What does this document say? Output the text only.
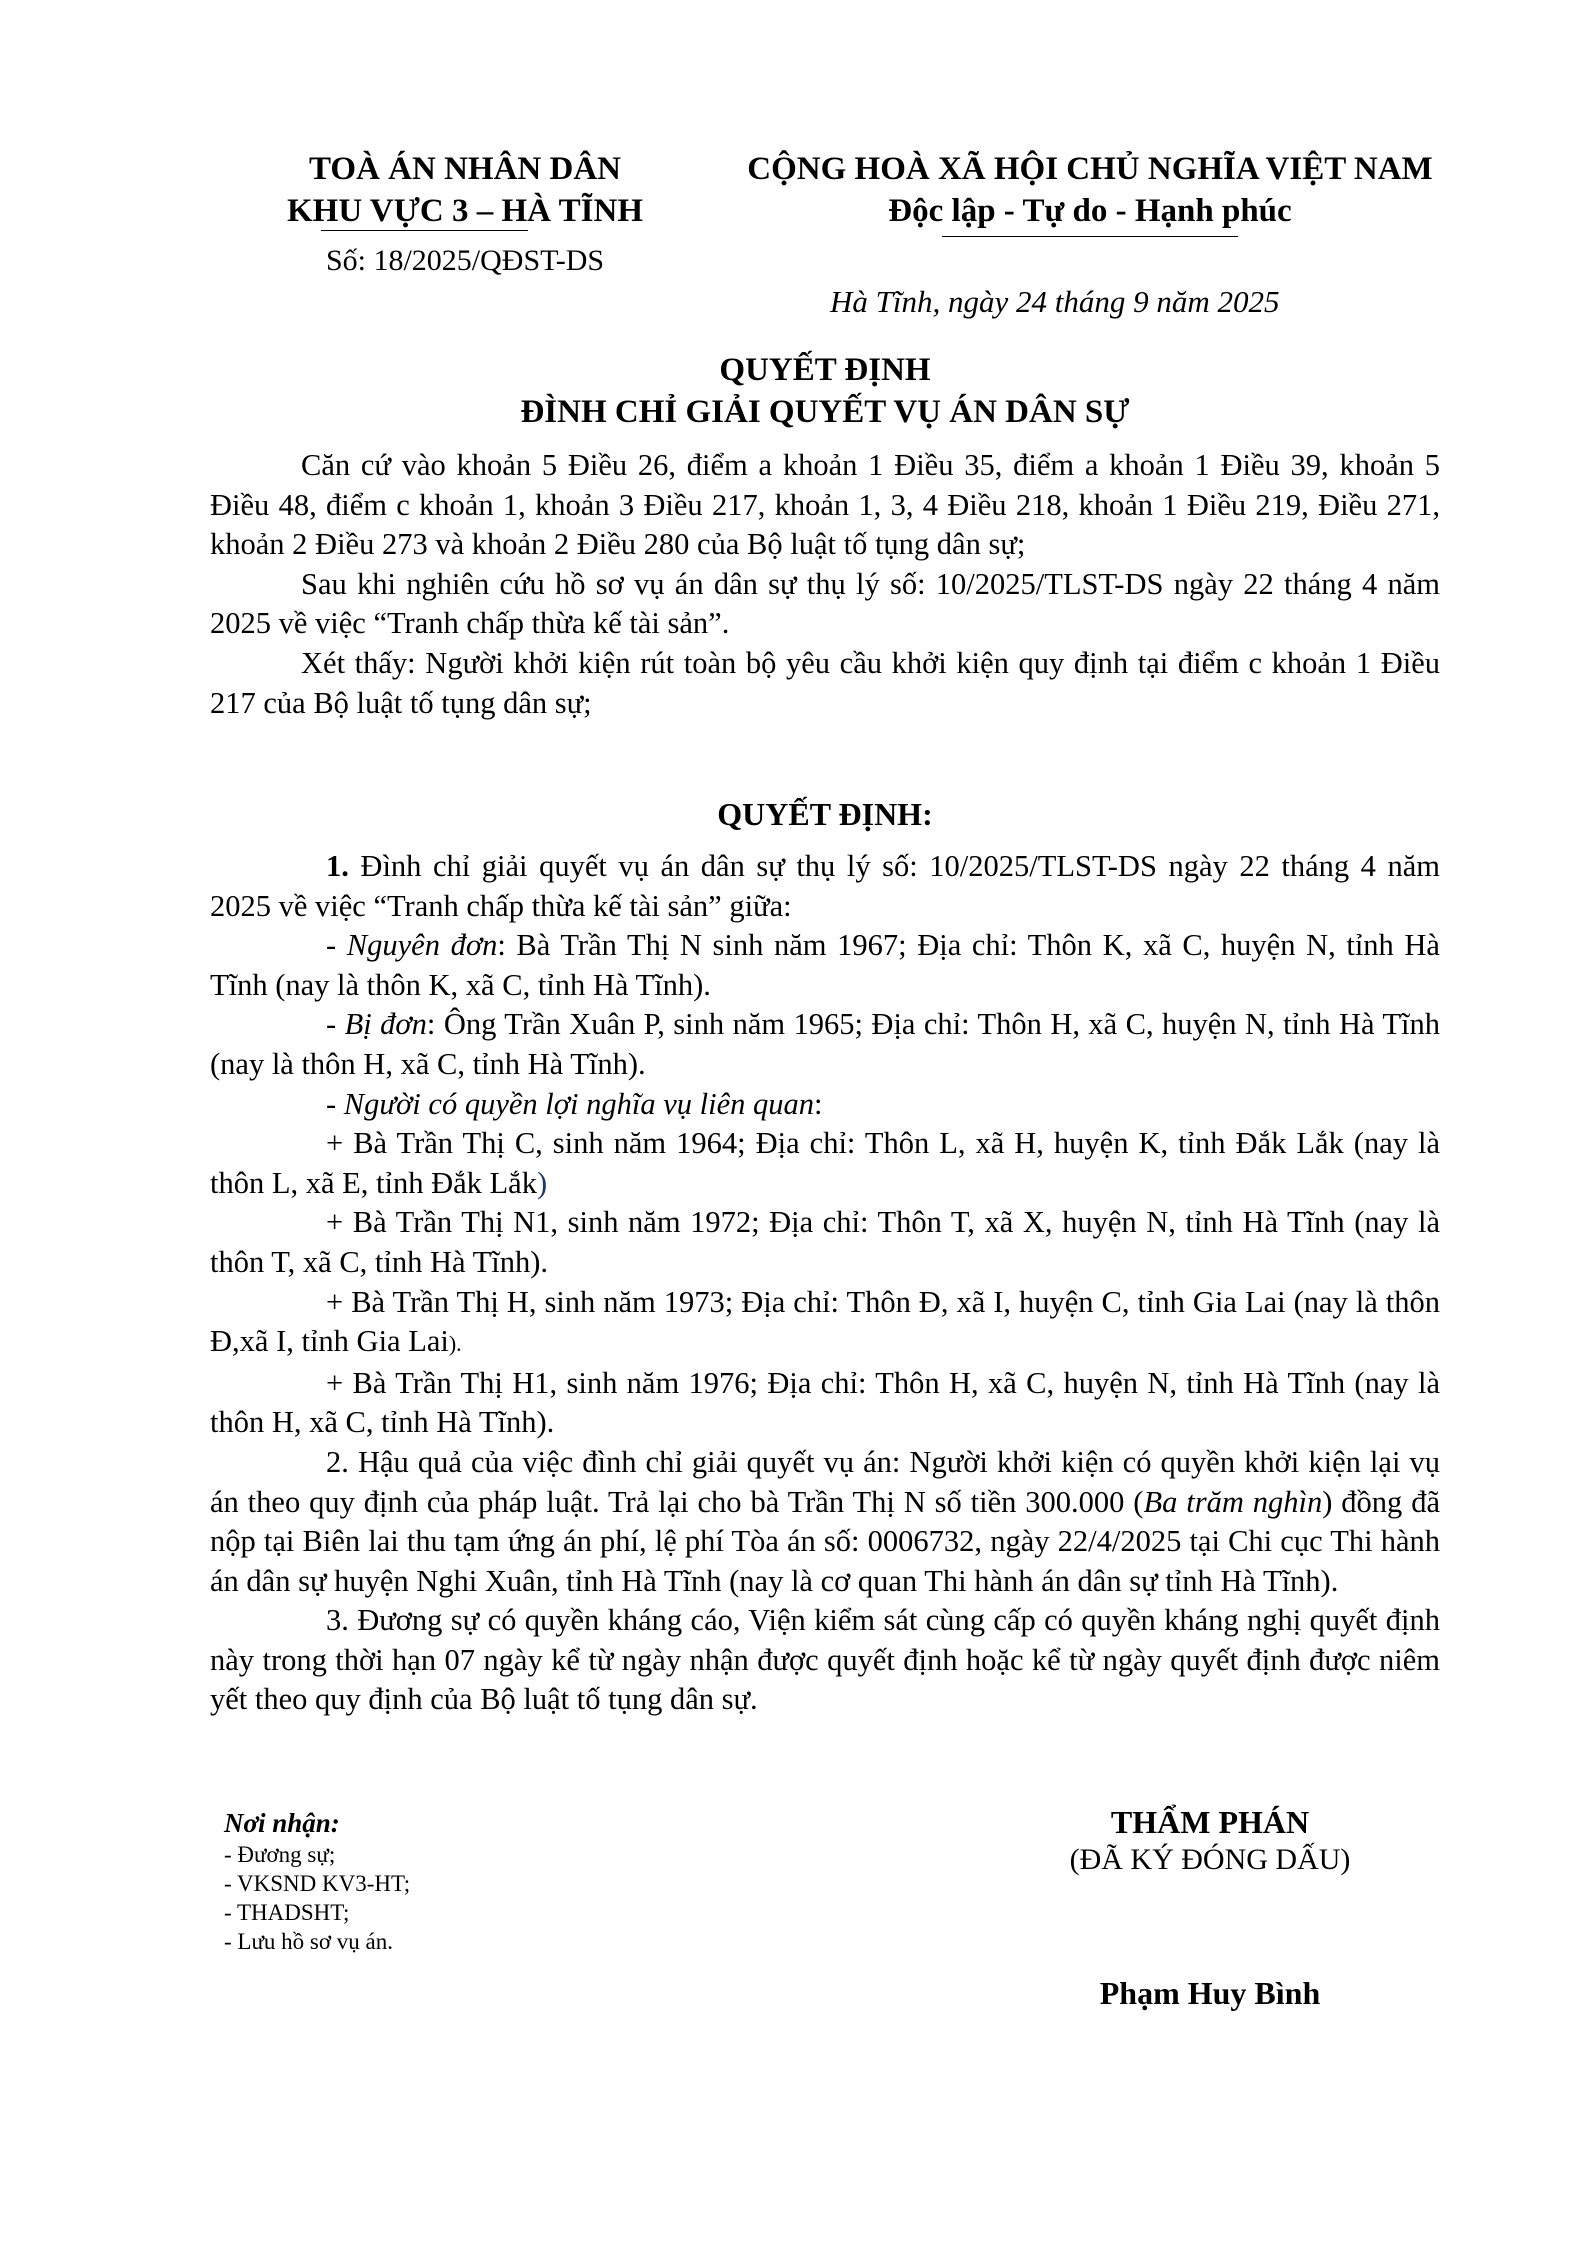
TOÀ ÁN NHÂN DÂN
KHU VỰC 3 – HÀ TĨNH
Số: 18/2025/QĐST-DS
CỘNG HOÀ XÃ HỘI CHỦ NGHĨA VIỆT NAM
Độc lập - Tự do - Hạnh phúc
Hà Tĩnh, ngày 24 tháng 9 năm 2025
QUYẾT ĐỊNH
ĐÌNH CHỈ GIẢI QUYẾT VỤ ÁN DÂN SỰ

Căn cứ vào khoản 5 Điều 26, điểm a khoản 1 Điều 35, điểm a khoản 1 Điều 39, khoản 5 Điều 48, điểm c khoản 1, khoản 3 Điều 217, khoản 1, 3, 4 Điều 218, khoản 1 Điều 219, Điều 271, khoản 2 Điều 273 và khoản 2 Điều 280 của Bộ luật tố tụng dân sự;

Sau khi nghiên cứu hồ sơ vụ án dân sự thụ lý số: 10/2025/TLST-DS ngày 22 tháng 4 năm 2025 về việc “Tranh chấp thừa kế tài sản”.

Xét thấy: Người khởi kiện rút toàn bộ yêu cầu khởi kiện quy định tại điểm c khoản 1 Điều 217 của Bộ luật tố tụng dân sự;

QUYẾT ĐỊNH:

1. Đình chỉ giải quyết vụ án dân sự thụ lý số: 10/2025/TLST-DS ngày 22 tháng 4 năm 2025 về việc “Tranh chấp thừa kế tài sản” giữa:

- Nguyên đơn: Bà Trần Thị N sinh năm 1967; Địa chỉ: Thôn K, xã C, huyện N, tỉnh Hà Tĩnh (nay là thôn K, xã C, tỉnh Hà Tĩnh).

- Bị đơn: Ông Trần Xuân P, sinh năm 1965; Địa chỉ: Thôn H, xã C, huyện N, tỉnh Hà Tĩnh (nay là thôn H, xã C, tỉnh Hà Tĩnh).

- Người có quyền lợi nghĩa vụ liên quan:

+ Bà Trần Thị C, sinh năm 1964; Địa chỉ: Thôn L, xã H, huyện K, tỉnh Đắk Lắk (nay là thôn L, xã E, tỉnh Đắk Lắk)

+ Bà Trần Thị N1, sinh năm 1972; Địa chỉ: Thôn T, xã X, huyện N, tỉnh Hà Tĩnh (nay là thôn T, xã C, tỉnh Hà Tĩnh).

+ Bà Trần Thị H, sinh năm 1973; Địa chỉ: Thôn Đ, xã I, huyện C, tỉnh Gia Lai (nay là thôn Đ,xã I, tỉnh Gia Lai).

+ Bà Trần Thị H1, sinh năm 1976; Địa chỉ: Thôn H, xã C, huyện N, tỉnh Hà Tĩnh (nay là thôn H, xã C, tỉnh Hà Tĩnh).

2. Hậu quả của việc đình chỉ giải quyết vụ án: Người khởi kiện có quyền khởi kiện lại vụ án theo quy định của pháp luật. Trả lại cho bà Trần Thị N số tiền 300.000 (Ba trăm nghìn) đồng đã nộp tại Biên lai thu tạm ứng án phí, lệ phí Tòa án số: 0006732, ngày 22/4/2025 tại Chi cục Thi hành án dân sự huyện Nghi Xuân, tỉnh Hà Tĩnh (nay là cơ quan Thi hành án dân sự tỉnh Hà Tĩnh).

3. Đương sự có quyền kháng cáo, Viện kiểm sát cùng cấp có quyền kháng nghị quyết định này trong thời hạn 07 ngày kể từ ngày nhận được quyết định hoặc kể từ ngày quyết định được niêm yết theo quy định của Bộ luật tố tụng dân sự.

Nơi nhận:
- Đương sự;
- VKSND KV3-HT;
- THADSHT;
- Lưu hồ sơ vụ án.
THẨM PHÁN
(ĐÃ KÝ ĐÓNG DẤU)
Phạm Huy Bình
